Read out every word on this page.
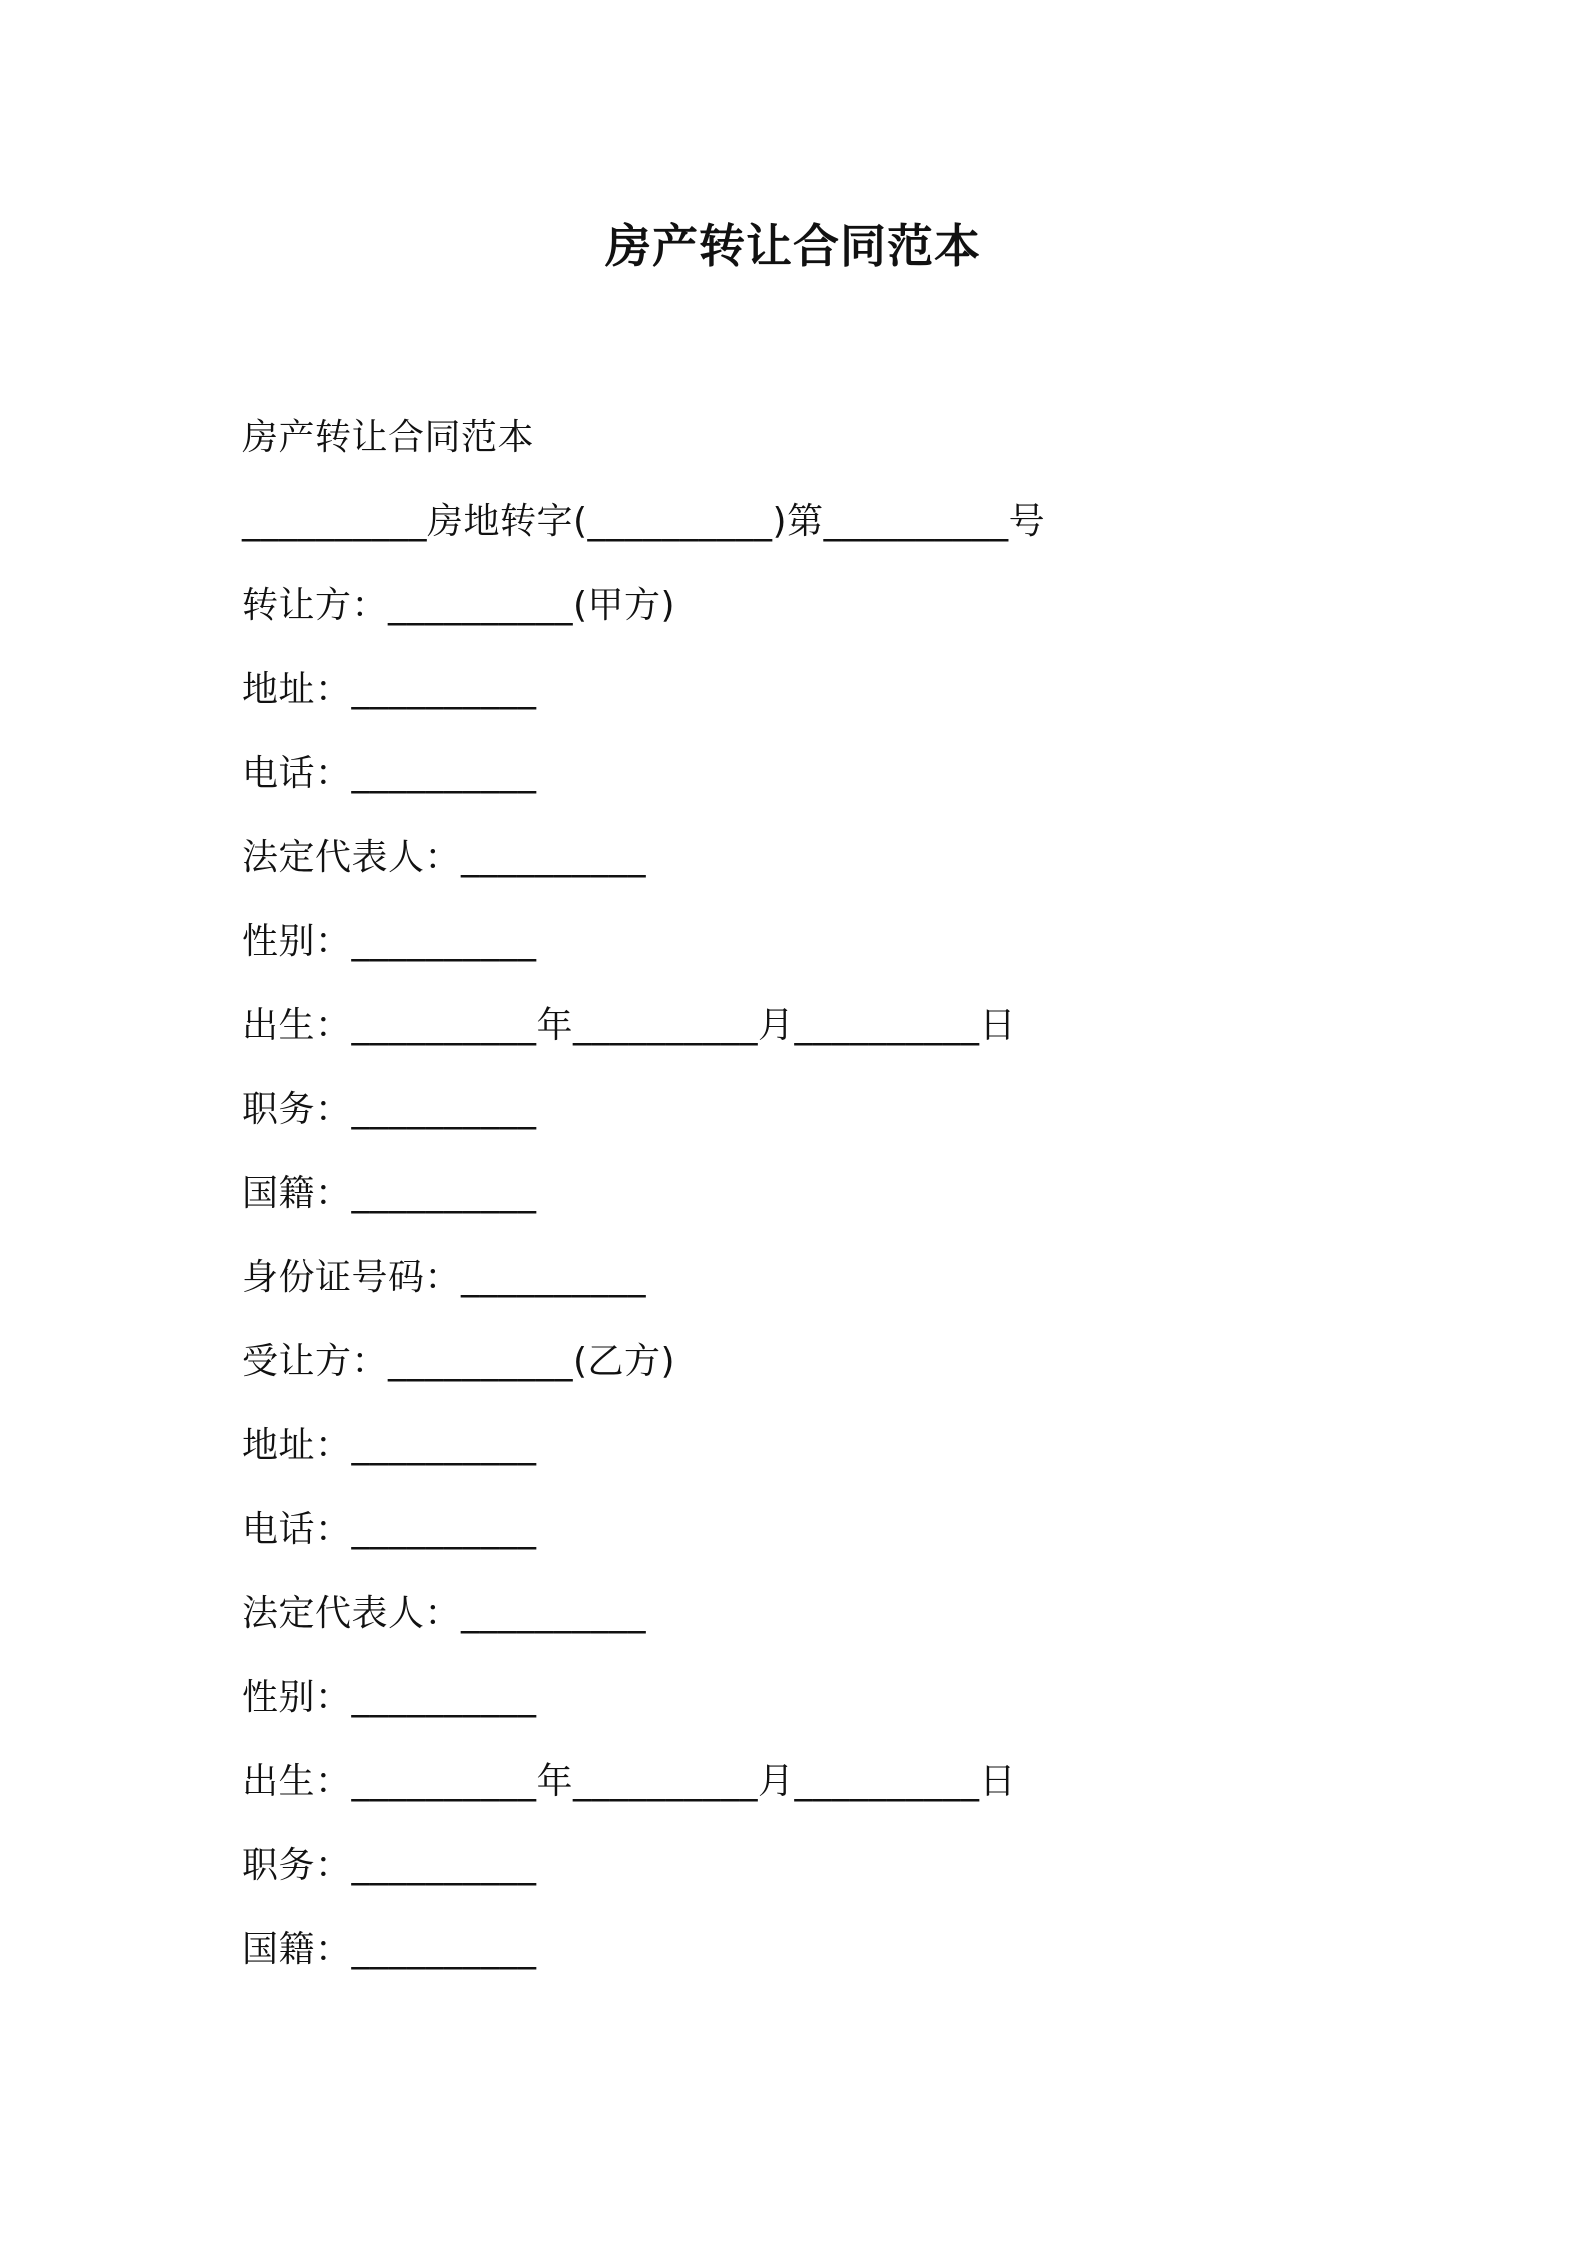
房产转让合同范本
房产转让合同范本
__________房地转字(__________)第__________号
转让方：__________(甲方)
地址：__________
电话：__________
法定代表人：__________
性别：__________
出生：__________年__________月__________日
职务：__________
国籍：__________
身份证号码：__________
受让方：__________(乙方)
地址：__________
电话：__________
法定代表人：__________
性别：__________
出生：__________年__________月__________日
职务：__________
国籍：__________
